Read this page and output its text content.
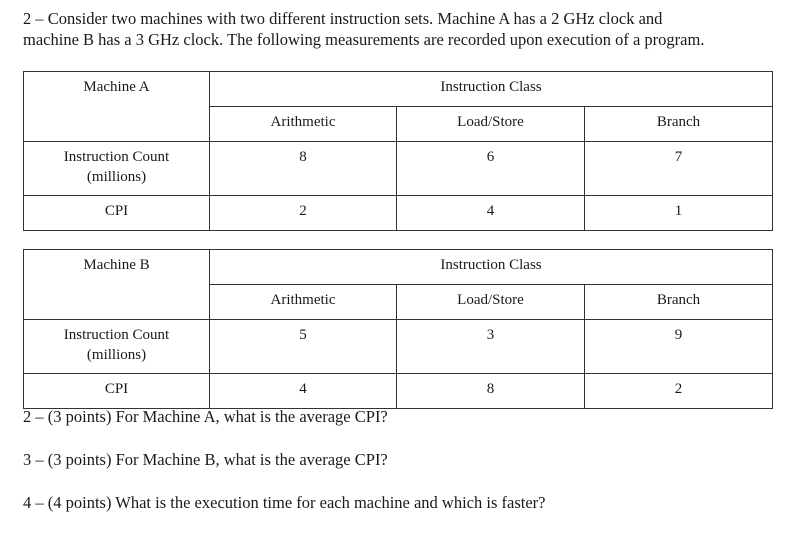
2 – Consider two machines with two different instruction sets. Machine A has a 2 GHz clock and

machine B has a 3 GHz clock. The following measurements are recorded upon execution of a program.

Machine A	Instruction Class		
	Arithmetic	Load/Store	Branch

Instruction Count
(millions)	8	6	7
CPI	2	4	1
Machine B	Instruction Class		
	Arithmetic	Load/Store	Branch

Instruction Count
(millions)	5	3	9
CPI	4	8	2

2 – (3 points) For Machine A, what is the average CPI?

3 – (3 points) For Machine B, what is the average CPI?

4 – (4 points) What is the execution time for each machine and which is faster?
